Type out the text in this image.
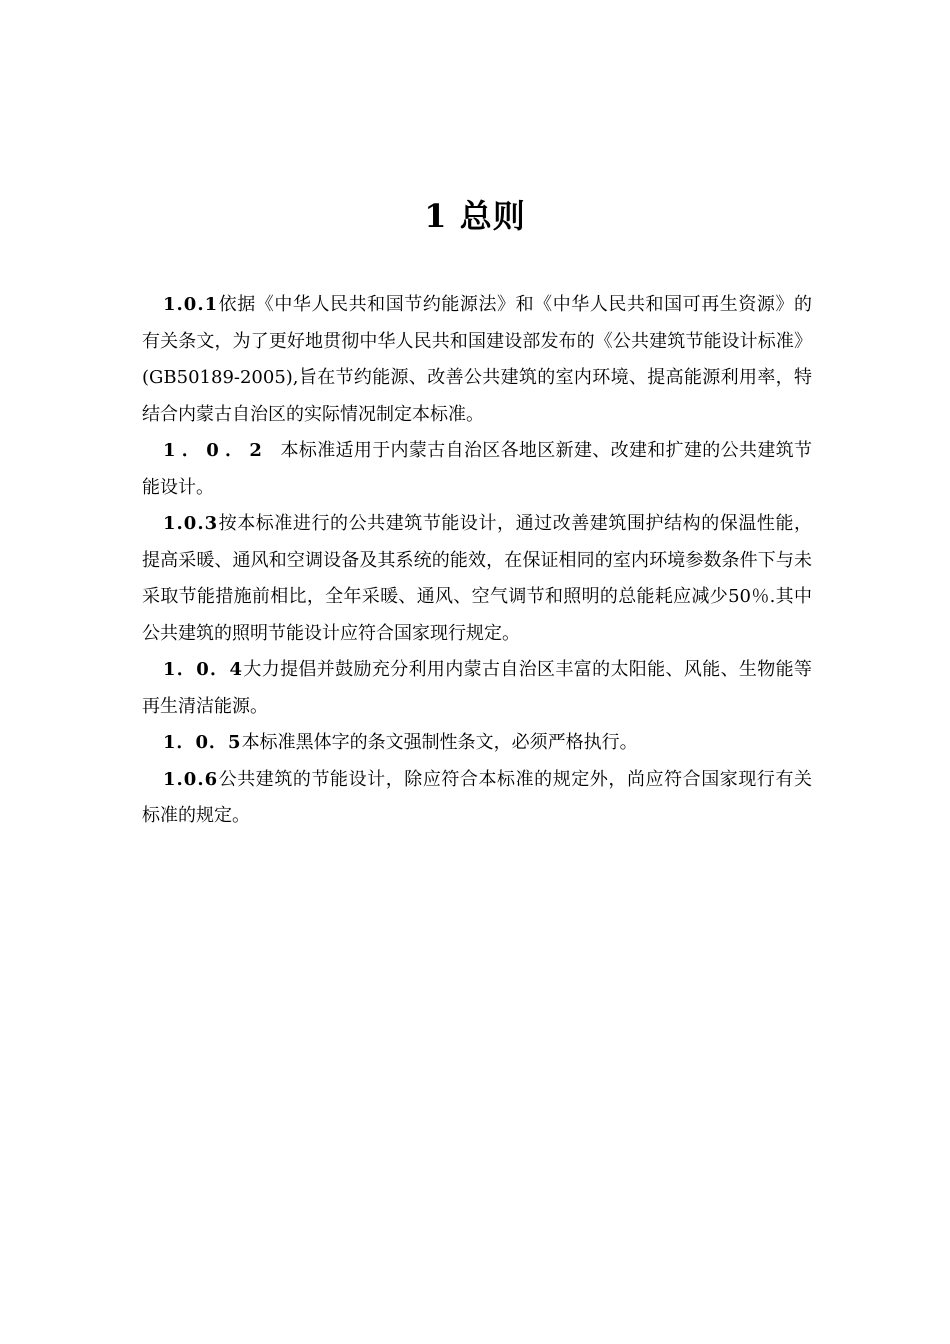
1 总则

1.0.1依据《中华人民共和国节约能源法》和《中华人民共和国可再生资源》的有关条文，为了更好地贯彻中华人民共和国建设部发布的《公共建筑节能设计标准》(GB50189-2005),旨在节约能源、改善公共建筑的室内环境、提高能源利用率，特结合内蒙古自治区的实际情况制定本标准。

1．0．2 本标准适用于内蒙古自治区各地区新建、改建和扩建的公共建筑节能设计。

1.0.3按本标准进行的公共建筑节能设计，通过改善建筑围护结构的保温性能，提高采暖、通风和空调设备及其系统的能效，在保证相同的室内环境参数条件下与未采取节能措施前相比，全年采暖、通风、空气调节和照明的总能耗应减少50％.其中公共建筑的照明节能设计应符合国家现行规定。

1．0．4大力提倡并鼓励充分利用内蒙古自治区丰富的太阳能、风能、生物能等再生清洁能源。

1．0．5本标准黑体字的条文强制性条文，必须严格执行。

1.0.6公共建筑的节能设计，除应符合本标准的规定外，尚应符合国家现行有关标准的规定。
